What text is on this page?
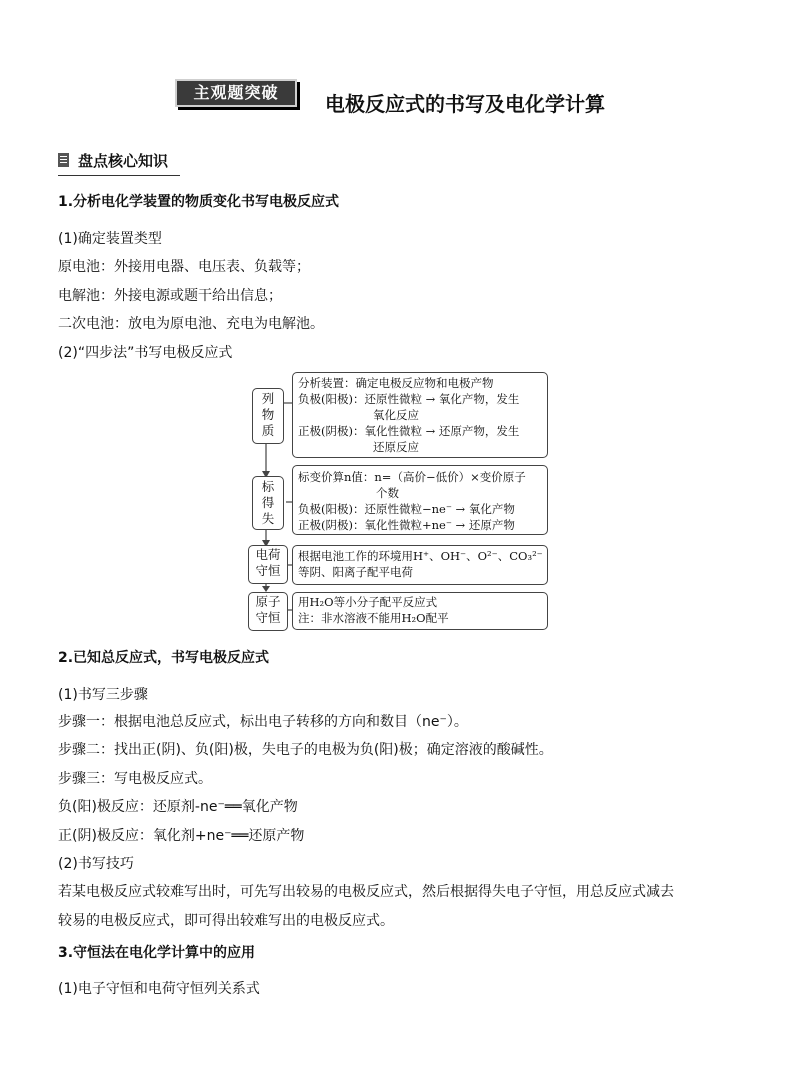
主观题突破	电极反应式的书写及电化学计算
盘点核心知识
1.分析电化学装置的物质变化书写电极反应式
(1)确定装置类型
原电池：外接用电器、电压表、负载等；
电解池：外接电源或题干给出信息；
二次电池：放电为原电池、充电为电解池。
(2)“四步法”书写电极反应式
列
物
质
分析装置：确定电极反应物和电极产物
负极(阳极)：还原性微粒 → 氧化产物，发生
氧化反应
正极(阴极)：氧化性微粒 → 还原产物，发生
还原反应
标
得
失
标变价算n值：n=（高价−低价）×变价原子
个数
负极(阳极)：还原性微粒−ne⁻ → 氧化产物
正极(阴极)：氧化性微粒+ne⁻ → 还原产物
电荷
守恒
根据电池工作的环境用H⁺、OH⁻、O²⁻、CO₃²⁻
等阴、阳离子配平电荷
原子
守恒
用H₂O等小分子配平反应式
注：非水溶液不能用H₂O配平
2.已知总反应式，书写电极反应式
(1)书写三步骤
步骤一：根据电池总反应式，标出电子转移的方向和数目（ne⁻）。
步骤二：找出正(阴)、负(阳)极，失电子的电极为负(阳)极；确定溶液的酸碱性。
步骤三：写电极反应式。
负(阳)极反应：还原剂-ne⁻══氧化产物
正(阴)极反应：氧化剂+ne⁻══还原产物
(2)书写技巧
若某电极反应式较难写出时，可先写出较易的电极反应式，然后根据得失电子守恒，用总反应式减去
较易的电极反应式，即可得出较难写出的电极反应式。
3.守恒法在电化学计算中的应用
(1)电子守恒和电荷守恒列关系式
